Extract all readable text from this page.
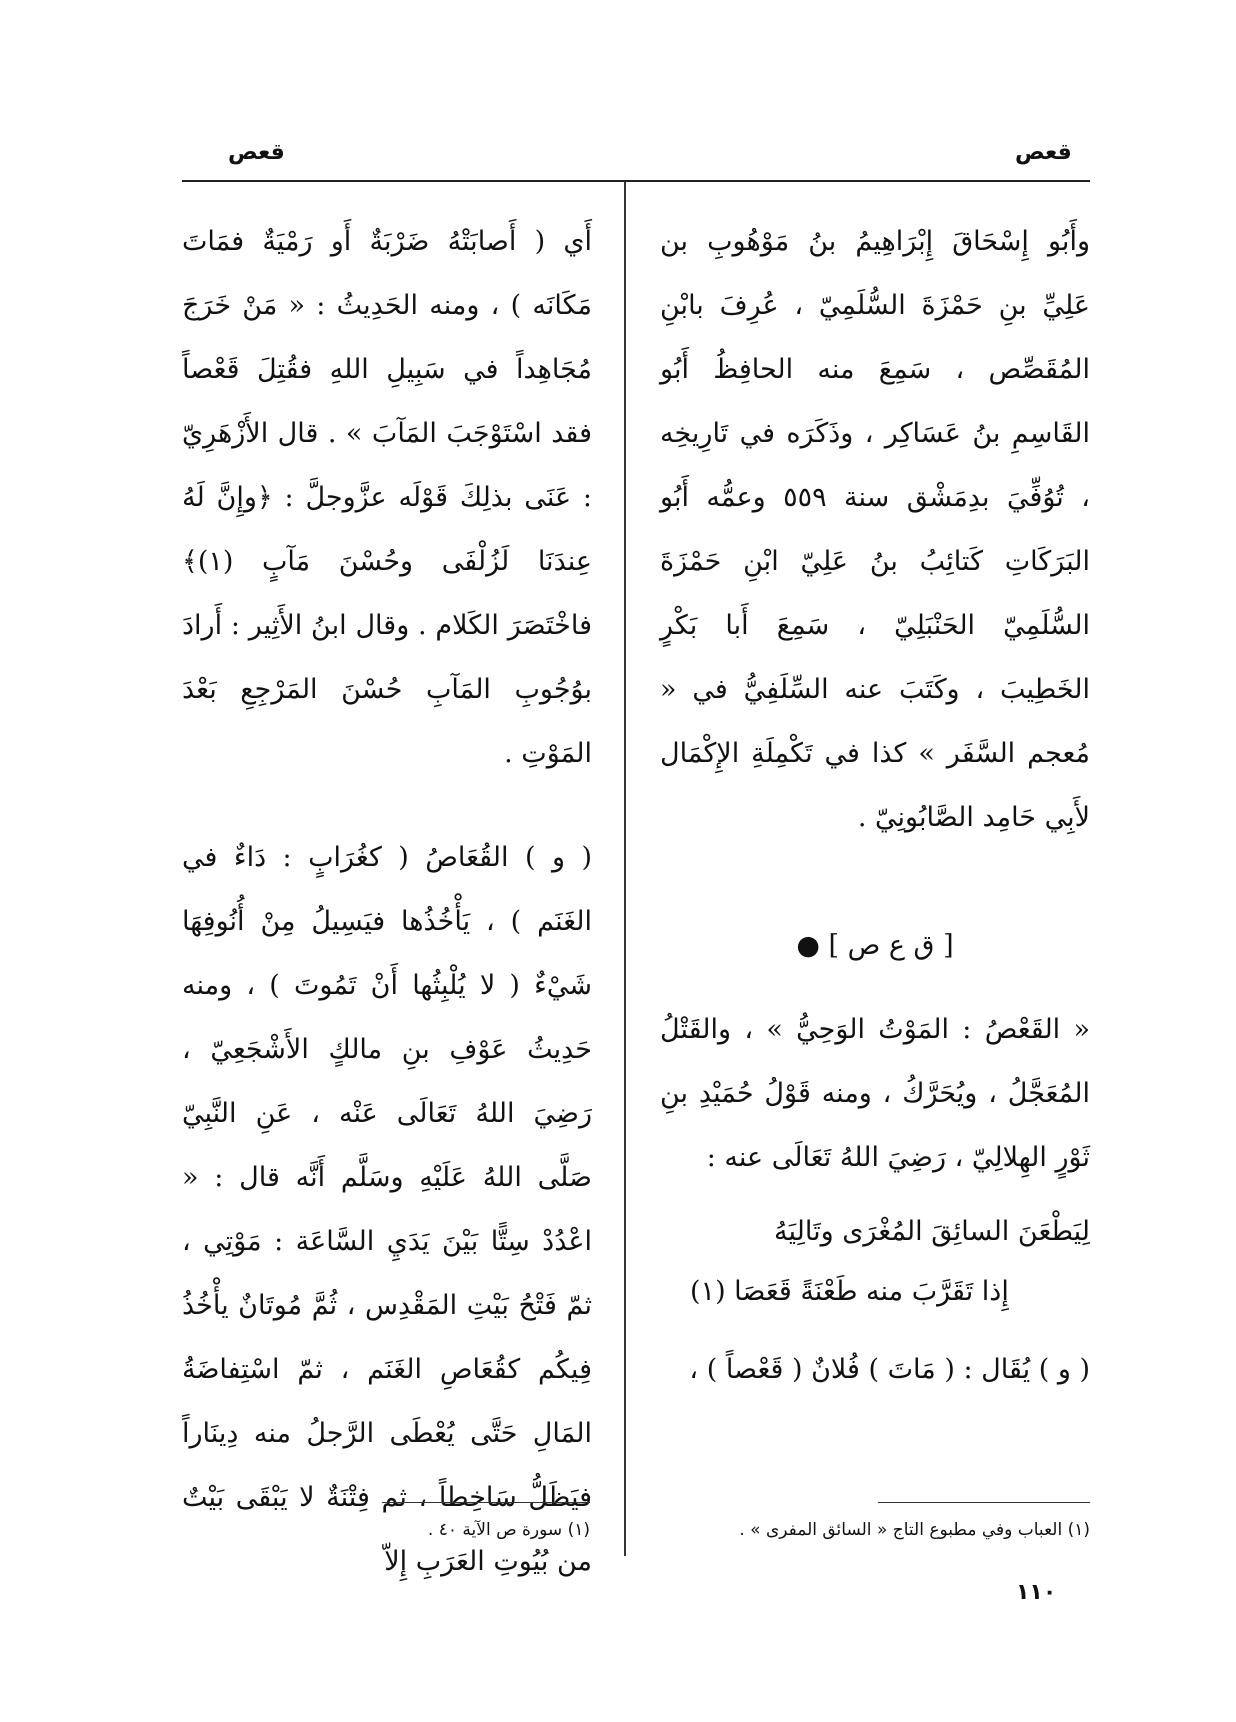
قعص	قعص

وأَبُو إِسْحَاقَ إِبْرَاهِيمُ بنُ مَوْهُوبِ بن عَلِيِّ بنِ حَمْزَةَ السُّلَمِيّ ، عُرِفَ بابْنِ المُقَصِّص ، سَمِعَ منه الحافِظُ أَبُو القَاسِمِ بنُ عَسَاكِر ، وذَكَرَه في تَارِيخِه ، تُوُفِّيَ بدِمَشْق سنة ٥٥٩ وعمُّه أَبُو البَرَكَاتِ كَتائِبُ بنُ عَلِيّ ابْنِ حَمْزَةَ السُّلَمِيّ الحَنْبَلِيّ ، سَمِعَ أَبا بَكْرٍ الخَطِيبَ ، وكَتَبَ عنه السِّلَفِيُّ في « مُعجم السَّفَر » كذا في تَكْمِلَةِ الإِكْمَال لأَبِي حَامِد الصَّابُونِيّ .

[ ق ع ص ] ●

« القَعْصُ : المَوْتُ الوَحِيُّ » ، والقَتْلُ المُعَجَّلُ ، ويُحَرَّكُ ، ومنه قَوْلُ حُمَيْدِ بنِ ثَوْرٍ الهِلالِيّ ، رَضِيَ اللهُ تَعَالَى عنه :

لِيَطْعَنَ السائِقَ المُغْرَى وتَالِيَهُ
إِذا تَقَرَّبَ منه طَعْنَةً قَعَصَا (١)

( و ) يُقَال : ( مَاتَ ) فُلانٌ ( قَعْصاً ) ،

أَي ( أَصابَتْهُ ضَرْبَةٌ أَو رَمْيَةٌ فمَاتَ مَكَانَه ) ، ومنه الحَدِيثُ : « مَنْ خَرَجَ مُجَاهِداً في سَبِيلِ اللهِ فقُتِلَ قَعْصاً فقد اسْتَوْجَبَ المَآبَ » . قال الأَزْهَرِيّ : عَنَى بذلِكَ قَوْلَه عزَّوجلَّ : ﴿وإِنَّ لَهُ عِندَنَا لَزُلْفَى وحُسْنَ مَآبٍ (١)﴾ فاخْتَصَرَ الكَلام . وقال ابنُ الأَثِير : أَرادَ بوُجُوبِ المَآبِ حُسْنَ المَرْجِعِ بَعْدَ المَوْتِ .

( و ) القُعَاصُ ( كغُرَابٍ : دَاءٌ في الغَنَم ) ، يَأْخُذُها فيَسِيلُ مِنْ أُنُوفِهَا شَيْءٌ ( لا يُلْبِثُها أَنْ تَمُوتَ ) ، ومنه حَدِيثُ عَوْفِ بنِ مالكٍ الأَشْجَعِيّ ، رَضِيَ اللهُ تَعَالَى عَنْه ، عَنِ النَّبِيّ صَلَّى اللهُ عَلَيْهِ وسَلَّم أَنَّه قال : « اعْدُدْ سِتًّا بَيْنَ يَدَيِ السَّاعَة : مَوْتِي ، ثمّ فَتْحُ بَيْتِ المَقْدِس ، ثُمَّ مُوتَانٌ يأْخُذُ فِيكُم كقُعَاصِ الغَنَم ، ثمّ اسْتِفاضَةُ المَالِ حَتَّى يُعْطَى الرَّجلُ منه دِينَاراً فيَظَلُّ سَاخِطاً ، ثم فِتْنَةٌ لا يَبْقَى بَيْتٌ من بُيُوتِ العَرَبِ إِلاّ

(١) سورة ص الآية ٤٠ .	(١) العباب وفي مطبوع التاج « السائق المفرى » .
١١٠
